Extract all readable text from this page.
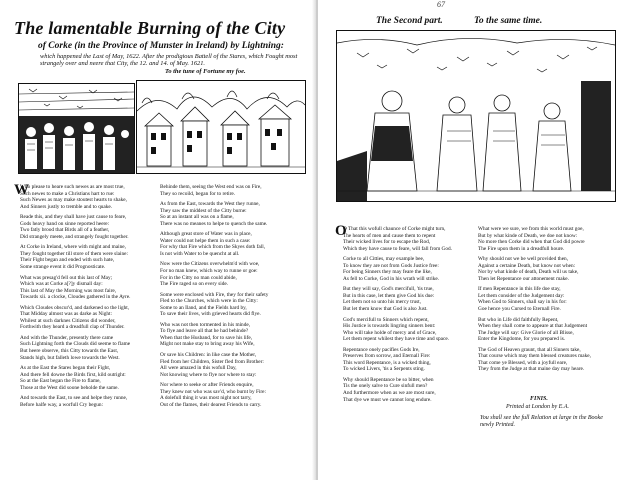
The lamentable Burning of the City
of Corke (in the Province of Munster in Ireland) by Lightning:
which happened the Last of May, 1622. After the prodigious Battell of the Stares, which Fought most strangely over and neere that City, the 12. and 14. of May. 1621.
To the tune of Fortune my foe.
W
Who please to heare such newes as are most true,
Such newes to make a Christians hart to rue:
Such Newes as may make stoutest hearts to shake,
And Sinners justly to tremble and to quake.
Reade this, and they shall have just cause to feare,
Gods heavy hand on sinne reported heere:
Two fatly brood that Birds all of a feather,
Did strangely meete, and strangely fought together.
At Corke in Ireland, where with might and maine,
They fought together till store of them were slaine:
Their Fight began and ended with such hate,
Some strange event it did Prognosticate.
What was presag'd fell out this last of May;
Which was at Corke a[?]y dismall day:
This last of May the Morning was most faire,
Towards xii. a clocke, Cloudes gathered in the Ayre.
Which Cloudes obscur'd, and darkened so the light,
That Midday almost was as darke as Night:
Whilest at such darknes Citizens did wonder,
Forthwith they heard a dreadfull clap of Thunder.
And with the Thunder, presently there came
Such Lightning forth the Clouds did seeme to flame
But heere observe, this Citty towards the East,
Stands high, but falleth lowe towards the West.
As at the East the Stares began their Fight,
And there fell downe the Birds first, kild outright:
So at the East began the Fire to flame,
Those at the West did soone beholde the same.
And towards the East, to see and helpe they runne,
Before halfe way, a worfull Cry begun:
Behinde them, seeing the West end was on Fire,
They so recoild, began for to retire.
As from the East, towards the West they runne,
They saw the middest of the Citty burne:
So at an instant all was on a flame,
There was no meanes to helpe to quench the same.
Although great store of Water was in place,
Water could not helpe them in such a case:
For why that Fire which from the Skyes doth fall,
Is not with Water to be quencht at all.
Now were the Citizens overwhelm'd with woe,
For no man knew, which way to runne or goe:
For in the Citty no man could abide,
The Fire raged so on every side.
Some were enclosed with Fire, they for their safety
Fled to the Churches, which were in the Citty:
Some to an Iland, and the Fields hard by,
To save their lives, with grieved hearts did flye.
Who was not then tormented in his minde,
To flye and leave all that he had behinde?
When that the Husband, for to save his life,
Might not make stay to bring away his Wife,
Or save his Children: in like case the Mother,
Fled from her Children, Sister fled from Brother:
All were amazed in this wofull Day,
Not knowing where to flye nor where to stay:
Nor where to seeke or after Friends enquire,
They knew not who was sav'd, who burnt by Fire:
A dolefull thing it was most night not tarry,
Out of the flames, their dearest Friends to carry.
67
The Second part.	To the same time.
O
O That this wofull chaunce of Corke might turn,
The hearts of men and cause them to repent
Their wicked lives for to escape the Rod,
Which they have cause to feare, will fall from God.
Corke to all Citties, may example bee,
To know they are not from Gods Justice free:
For being Sinners they may feare the like,
As fell to Corke, God in his wrath will strike.
But they will say, God's mercifull, 'tis true,
But in this case, let them give God his due:
Let them not so unto his mercy trust,
But let them know that God is also Just.
God's mercifull to Sinners which repent,
His Justice is towards lingring sinners bent:
Who will take holde of mercy and of Grace,
Let them repent whilest they have time and space.
Repentance onely pacifies Gods Ire,
Preserves from sorrow, and Eternall Fire:
This word Repentance, is a wicked thing,
To wicked Livers, 'tis a Serpents sting.
Why should Repentance be so bitter, when
Tis the onely salve to Cure sinfull men?
And furthermore when as we are most sure,
That dye we must we cannot long endure.
What were we sure, we from this world must goe,
But by what kinde of Death, we doe not know:
No more then Corke did when that God did powre
The Fire upon them in a dreadfull houre.
Why should not we be well provided then,
Against a certaine Death, but know not when:
Nor by what kinde of death, Death will us take,
Then let Repentance our attonement make.
If men Repentance in this life doe stay,
Let them consider of the Judgement day:
When God to Sinners, shall say in his for:
Goe hence you Cursed to Eternall Fire.
But who in Life did faithfully Repent,
When they shall come to appeare at that Judgement
The Judge will say: Give Glorie of all Blisse,
Enter the Kingdome, for you prepared is.
The God of Heaven graunt, that all Sinners take,
That course which may them blessed creatures make,
That come ye Blessed, with a joyfull eare,
They from the Judge at that maine day may heare.
FINIS.
Printed at London by E.A.
You shall see the full Relation at large in the Booke newly Printed.
